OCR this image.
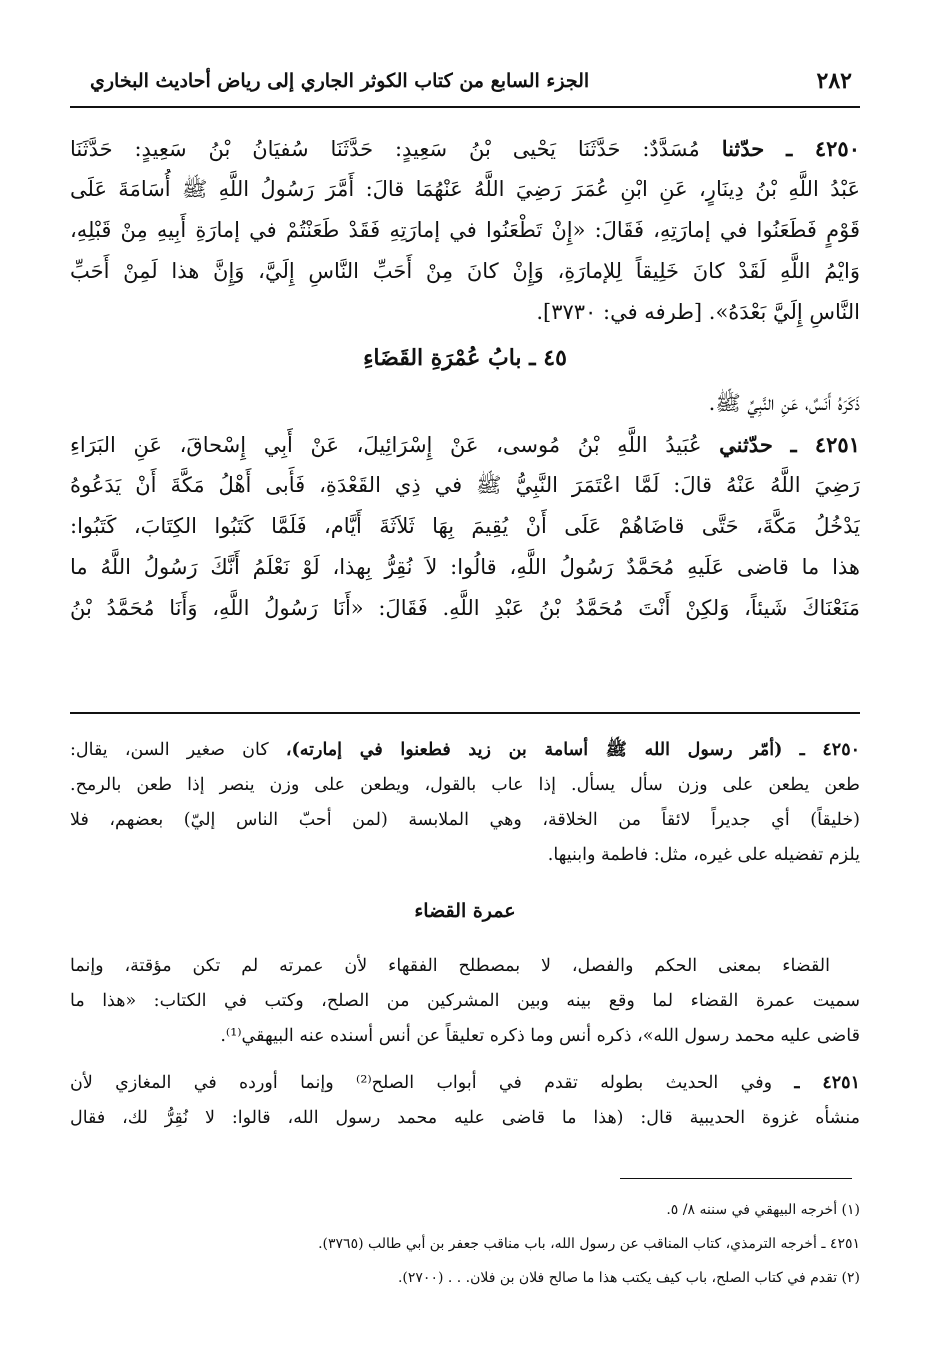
٢٨٢
الجزء السابع من كتاب الكوثر الجاري إلى رياض أحاديث البخاري
٤٢٥٠ ـ حدّثنا مُسَدَّدٌ: حَدَّثَنَا يَحْيى بْنُ سَعِيدٍ: حَدَّثَنَا سُفيَانُ بْنُ سَعِيدٍ: حَدَّثَنَا
عَبْدُ اللَّهِ بْنُ دِينَارٍ، عَنِ ابْنِ عُمَرَ رَضِيَ اللَّهُ عَنْهُمَا قالَ: أَمَّرَ رَسُولُ اللَّهِ ﷺ أُسَامَةَ عَلَى
قَوْمٍ فَطَعَنُوا في إمارَتِهِ، فَقَالَ: «إِنْ تَطْعَنُوا في إمارَتِهِ فَقَدْ طَعَنْتُمْ في إمارَةِ أَبِيهِ مِنْ قَبْلِهِ،
وَايْمُ اللَّهِ لَقَدْ كانَ خَلِيقاً لِلإمارَةِ، وَإِنْ كانَ مِنْ أَحَبِّ النَّاسِ إِلَيَّ، وَإِنَّ هذا لَمِنْ أَحَبِّ
النَّاسِ إِلَيَّ بَعْدَهُ». [طرفه في: ٣٧٣٠].
٤٥ ـ بابُ عُمْرَةِ القَضَاءِ
ذَكَرَهُ أَنَسٌ، عَنِ النَّبِيِّ ﷺ.
٤٢٥١ ـ حدّثني عُبَيدُ اللَّهِ بْنُ مُوسى، عَنْ إِسْرَائِيلَ، عَنْ أَبِي إِسْحاقَ، عَنِ البَرَاءِ
رَضِيَ اللَّهُ عَنْهُ قالَ: لَمَّا اعْتَمَرَ النَّبِيُّ ﷺ في ذِي القَعْدَةِ، فَأَبى أَهْلُ مَكَّةَ أَنْ يَدَعُوهُ
يَدْخُلُ مَكَّةَ، حَتَّى قاضَاهُمْ عَلَى أَنْ يُقِيمَ بِهَا ثَلاَثَةَ أَيَّام، فَلَمَّا كَتَبُوا الكِتَابَ، كَتَبُوا:
هذا ما قاضى عَلَيهِ مُحَمَّدٌ رَسُولُ اللَّهِ، قالُوا: لاَ نُقِرُّ بِهذا، لَوْ نَعْلَمُ أَنَّكَ رَسُولُ اللَّهُ ما
مَنَعْنَاكَ شَيئاً، وَلكِنْ أَنْتَ مُحَمَّدُ بْنُ عَبْدِ اللَّهِ. فَقَالَ: «أَنَا رَسُولُ اللَّهِ، وَأَنَا مُحَمَّدُ بْنُ
٤٢٥٠ ـ (أمّر رسول الله ﷺ أسامة بن زيد فطعنوا في إمارته)، كان صغير السن، يقال:
طعن يطعن على وزن سأل يسأل. إذا عاب بالقول، ويطعن على وزن ينصر إذا طعن بالرمح.
(خليقاً) أي جديراً لائقاً من الخلاقة، وهي الملابسة (لمن أحبّ الناس إليّ) بعضهم، فلا
يلزم تفضيله على غيره، مثل: فاطمة وابنيها.
عمرة القضاء
القضاء بمعنى الحكم والفصل، لا بمصطلح الفقهاء لأن عمرته لم تكن مؤقتة، وإنما
سميت عمرة القضاء لما وقع بينه وبين المشركين من الصلح، وكتب في الكتاب: «هذا ما
قاضى عليه محمد رسول الله»، ذكره أنس وما ذكره تعليقاً عن أنس أسنده عنه البيهقي⁽¹⁾.
٤٢٥١ ـ وفي الحديث بطوله تقدم في أبواب الصلح⁽²⁾ وإنما أورده في المغازي لأن
منشأه غزوة الحديبية قال: (هذا ما قاضى عليه محمد رسول الله، قالوا: لا نُقِرُّ لك، فقال
(١) أخرجه البيهقي في سننه ٨/ ٥.
٤٢٥١ ـ أخرجه الترمذي، كتاب المناقب عن رسول الله، باب مناقب جعفر بن أبي طالب (٣٧٦٥).
(٢) تقدم في كتاب الصلح، باب كيف يكتب هذا ما صالح فلان بن فلان. . . (٢٧٠٠).
